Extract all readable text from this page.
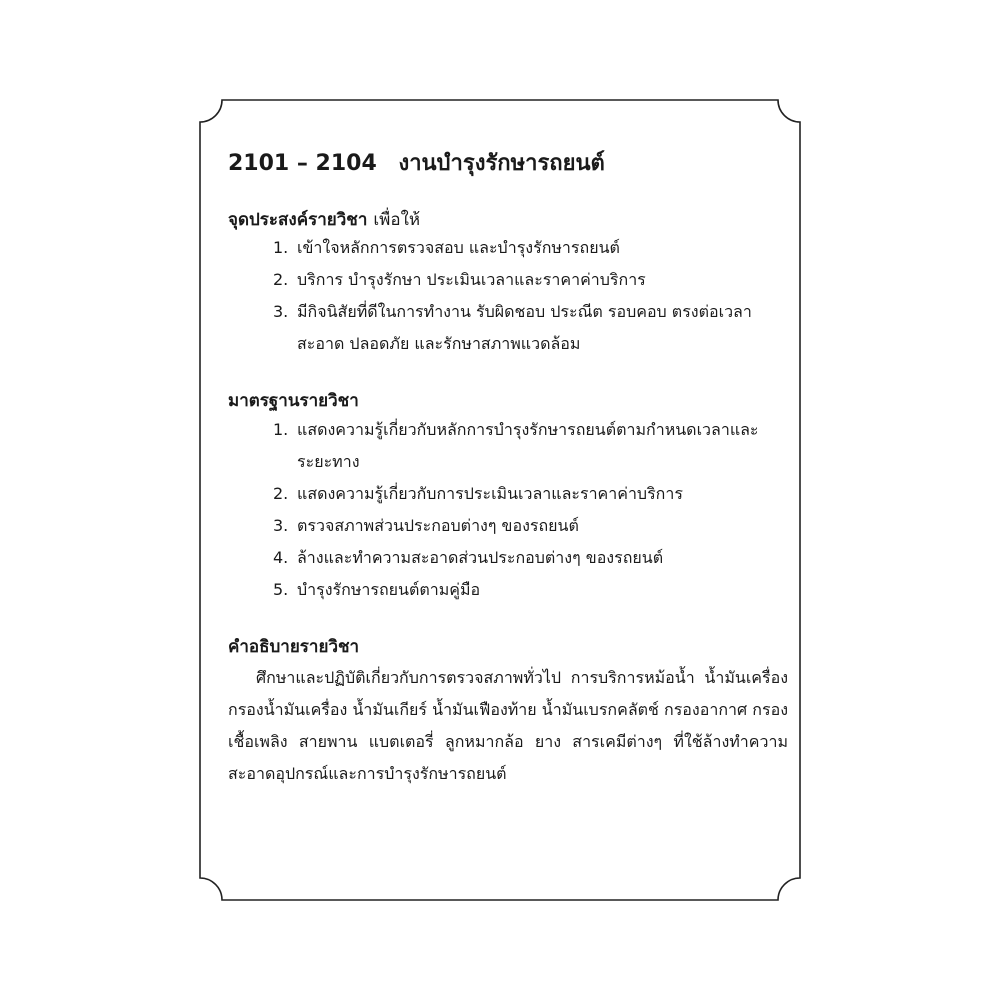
2101 – 2104 งานบำรุงรักษารถยนต์

จุดประสงค์รายวิชา เพื่อให้

1. เข้าใจหลักการตรวจสอบ และบำรุงรักษารถยนต์
2. บริการ บำรุงรักษา ประเมินเวลาและราคาค่าบริการ
3. มีกิจนิสัยที่ดีในการทำงาน รับผิดชอบ ประณีต รอบคอบ ตรงต่อเวลา สะอาด ปลอดภัย และรักษาสภาพแวดล้อม

มาตรฐานรายวิชา

1. แสดงความรู้เกี่ยวกับหลักการบำรุงรักษารถยนต์ตามกำหนดเวลาและระยะทาง
2. แสดงความรู้เกี่ยวกับการประเมินเวลาและราคาค่าบริการ
3. ตรวจสภาพส่วนประกอบต่างๆ ของรถยนต์
4. ล้างและทำความสะอาดส่วนประกอบต่างๆ ของรถยนต์
5. บำรุงรักษารถยนต์ตามคู่มือ

คำอธิบายรายวิชา

ศึกษาและปฏิบัติเกี่ยวกับการตรวจสภาพทั่วไป การบริการหม้อน้ำ น้ำมันเครื่อง กรองน้ำมันเครื่อง น้ำมันเกียร์ น้ำมันเฟืองท้าย น้ำมันเบรกคลัตช์ กรองอากาศ กรองเชื้อเพลิง สายพาน แบตเตอรี่ ลูกหมากล้อ ยาง สารเคมีต่างๆ ที่ใช้ล้างทำความสะอาดอุปกรณ์และการบำรุงรักษารถยนต์
